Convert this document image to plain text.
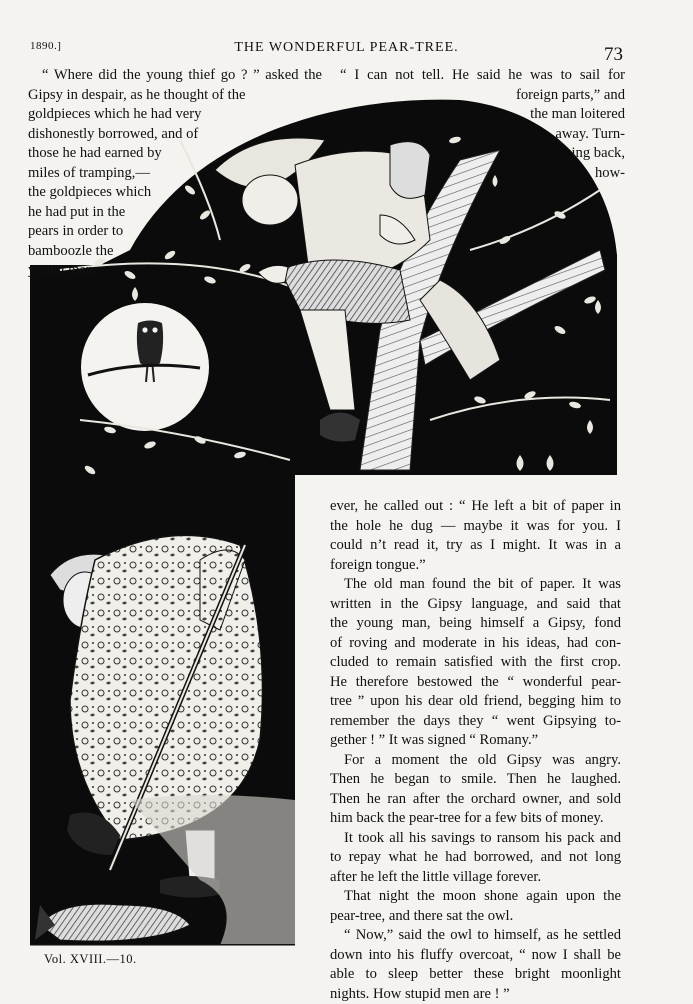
1890.]	THE WONDERFUL PEAR-TREE.	73
“ Where did the young thief go ? ” asked the
Gipsy in despair, as he thought of the
goldpieces which he had very
dishonestly borrowed, and of
those he had earned by
miles of tramping,—
the goldpieces which
he had put in the
pears in order to
bamboozle the
young man.
“ I can not tell. He said he was to sail for
foreign parts,” and
the man loitered
away. Turn-
ing back,
how-
ever, he called out : “ He left a bit of paper in
the hole he dug — maybe it was for you. I
could n’t read it, try as I might. It was in a
foreign tongue.”
The old man found the bit of paper. It was
written in the Gipsy language, and said that
the young man, being himself a Gipsy, fond
of roving and moderate in his ideas, had con-
cluded to remain satisfied with the first crop.
He therefore bestowed the “ wonderful pear-
tree ” upon his dear old friend, begging him to
remember the days they “ went Gipsying to-
gether ! ” It was signed “ Romany.”
For a moment the old Gipsy was angry.
Then he began to smile. Then he laughed.
Then he ran after the orchard owner, and sold
him back the pear-tree for a few bits of money.
It took all his savings to ransom his pack and
to repay what he had borrowed, and not long
after he left the little village forever.
That night the moon shone again upon the
pear-tree, and there sat the owl.
“ Now,” said the owl to himself, as he settled
down into his fluffy overcoat, “ now I shall be
able to sleep better these bright moonlight
nights. How stupid men are ! ”
Vol. XVIII.—10.
